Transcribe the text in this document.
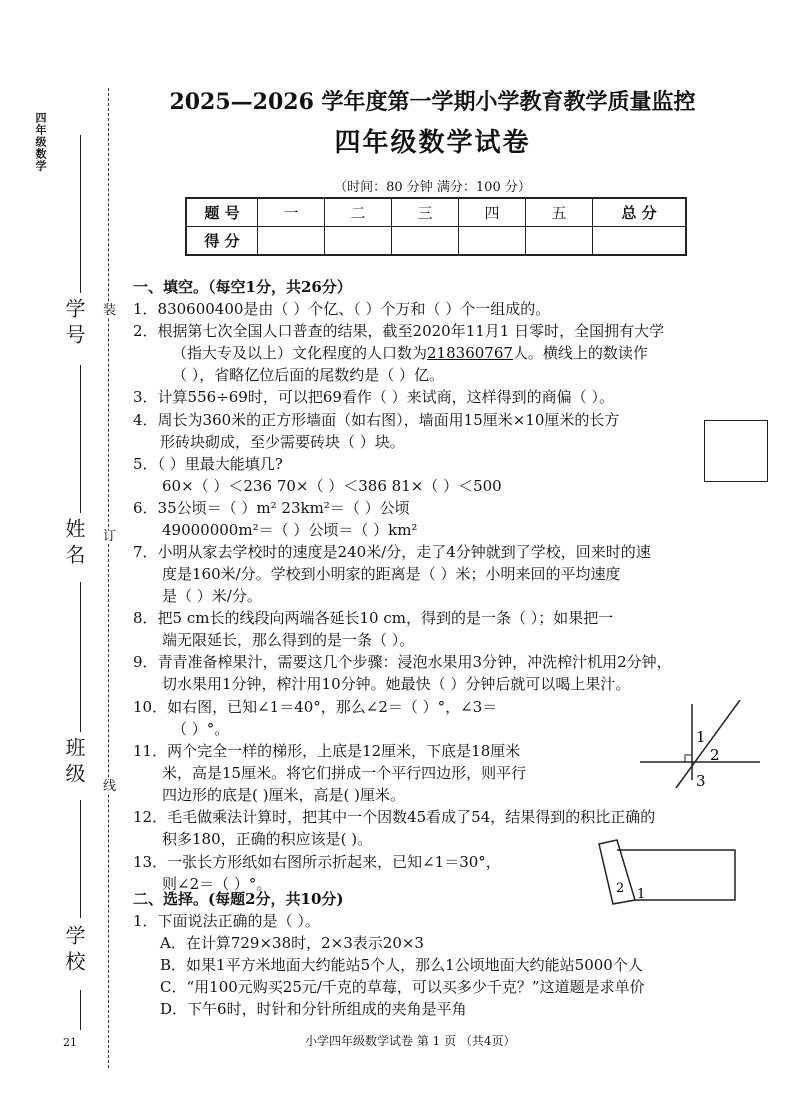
四年级数学
学号
姓名
班级
学校
21
装
订
线
2025—2026 学年度第一学期小学教育教学质量监控
四年级数学试卷
（时间：80 分钟 满分：100 分）
题 号	一	二	三	四	五	总 分
得 分						
一、填空。（每空1分，共26分）
1．830600400是由（ ）个亿、（ ）个万和（ ）个一组成的。
2．根据第七次全国人口普查的结果，截至2020年11月1 日零时，全国拥有大学
（指大专及以上）文化程度的人口数为218360767人。横线上的数读作
（ ），省略亿位后面的尾数约是（ ）亿。
3．计算556÷69时，可以把69看作（ ）来试商，这样得到的商偏（ ）。
4．周长为360米的正方形墙面（如右图），墙面用15厘米×10厘米的长方
形砖块砌成，至少需要砖块（ ）块。
5．（ ）里最大能填几?
60×（ ）＜236 70×（ ）＜386 81×（ ）＜500
6．35公顷＝（ ）m² 23km²＝（ ）公顷
49000000m²＝（ ）公顷＝（ ）km²
7．小明从家去学校时的速度是240米/分，走了4分钟就到了学校，回来时的速
度是160米/分。学校到小明家的距离是（ ）米；小明来回的平均速度
是（ ）米/分。
8．把5 cm长的线段向两端各延长10 cm，得到的是一条（ ）；如果把一
端无限延长，那么得到的是一条（ ）。
9．青青准备榨果汁，需要这几个步骤：浸泡水果用3分钟，冲洗榨汁机用2分钟，
切水果用1分钟，榨汁用10分钟。她最快（ ）分钟后就可以喝上果汁。
10．如右图，已知∠1＝40°，那么∠2＝（ ）°，∠3＝
（ ）°。	1
2
3
11．两个完全一样的梯形，上底是12厘米，下底是18厘米
米，高是15厘米。将它们拼成一个平行四边形，则平行
四边形的底是( )厘米，高是( )厘米。
12．毛毛做乘法计算时，把其中一个因数45看成了54，结果得到的积比正确的
积多180，正确的积应该是( )。
13．一张长方形纸如右图所示折起来，已知∠1＝30°，
则∠2＝（ ）°。	2 1
二、选择。(每题2分，共10分)
1．下面说法正确的是（ ）。
A．在计算729×38时，2×3表示20×3
B．如果1平方米地面大约能站5个人，那么1公顷地面大约能站5000个人
C．“用100元购买25元/千克的草莓，可以买多少千克？”这道题是求单价
D．下午6时，时针和分针所组成的夹角是平角
小学四年级数学试卷 第 1 页 （共4页）
